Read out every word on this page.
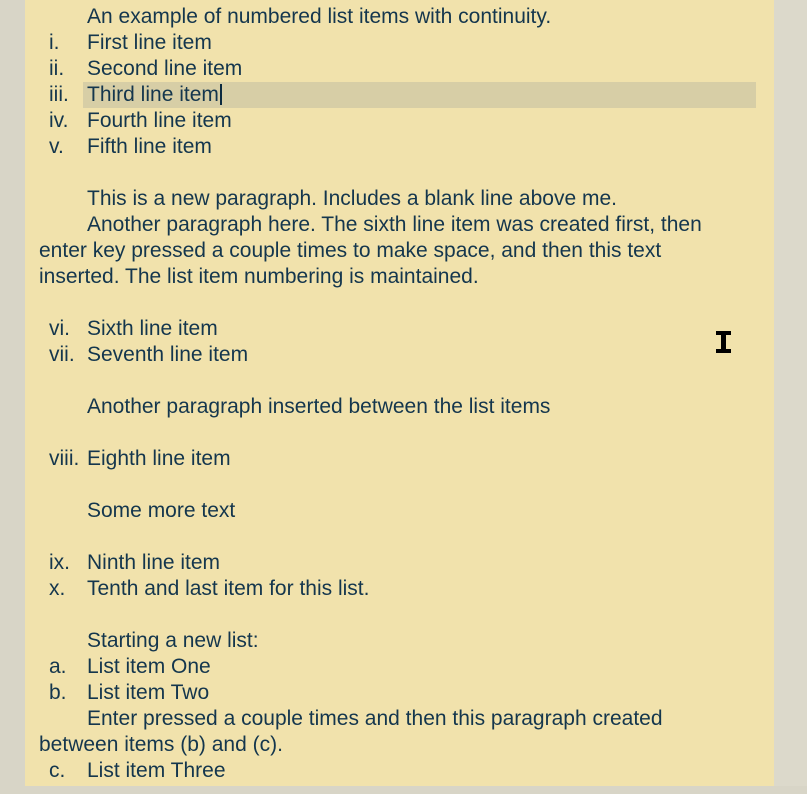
An example of numbered list items with continuity.
i.	First line item
ii.	Second line item
iii. Third line item
iv. Fourth line item
v.	Fifth line item
This is a new paragraph. Includes a blank line above me.
Another paragraph here. The sixth line item was created first, then
enter key pressed a couple times to make space, and then this text
inserted. The list item numbering is maintained.
vi. Sixth line item
vii. Seventh line item
Another paragraph inserted between the list items
viii. Eighth line item
Some more text
ix. Ninth line item
x.	Tenth and last item for this list.
Starting a new list:
a. List item One
b. List item Two
Enter pressed a couple times and then this paragraph created
between items (b) and (c).
c.	List item Three
